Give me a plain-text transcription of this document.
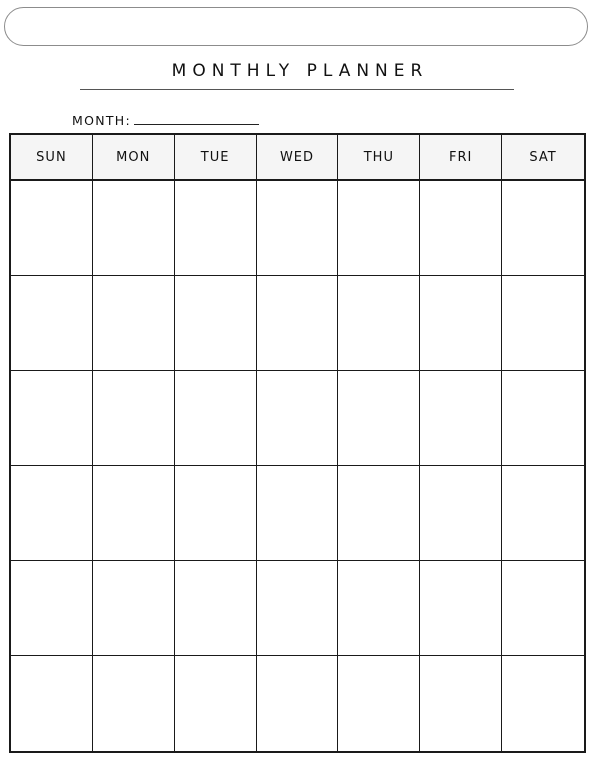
MONTHLY PLANNER
MONTH:
SUN	MON	TUE	WED	THU	FRI	SAT
